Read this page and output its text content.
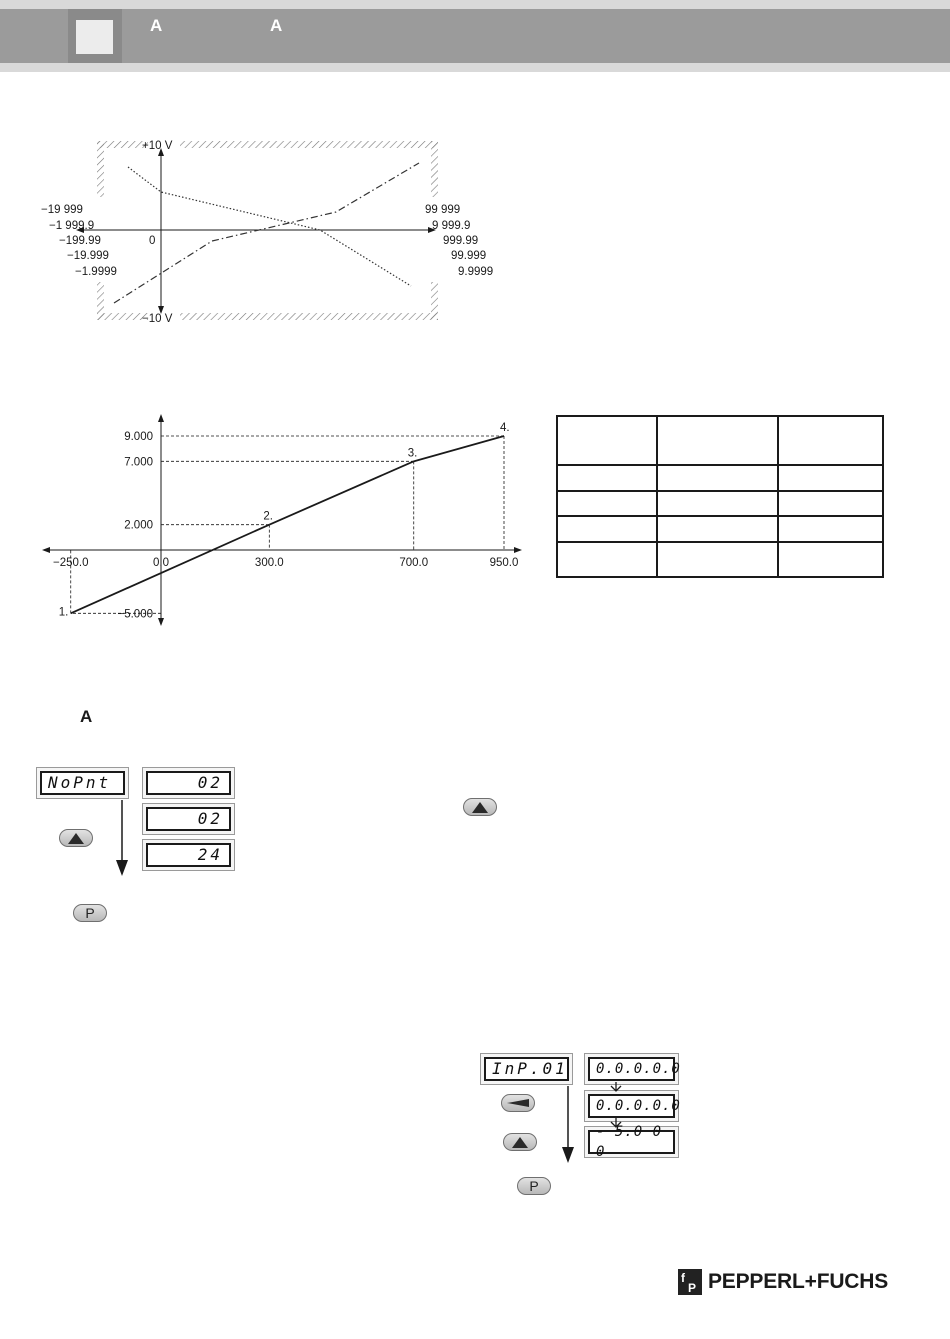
A	A
+10 V
−10 V
0
−19 999
−1 999.9
−199.99
−19.999
−1.9999
99 999
9 999.9
999.99
99.999
9.9999
1.
2.
3.
4.
−250.0	0.0	300.0	700.0	950.0
9.000
7.000
2.000
−5.000

A
NoPnt	02
02
24
P
InP.01	0.0.0.0.0
0.0.0.0.0
- 5.0 0 0
P
f
P PEPPERL+FUCHS
